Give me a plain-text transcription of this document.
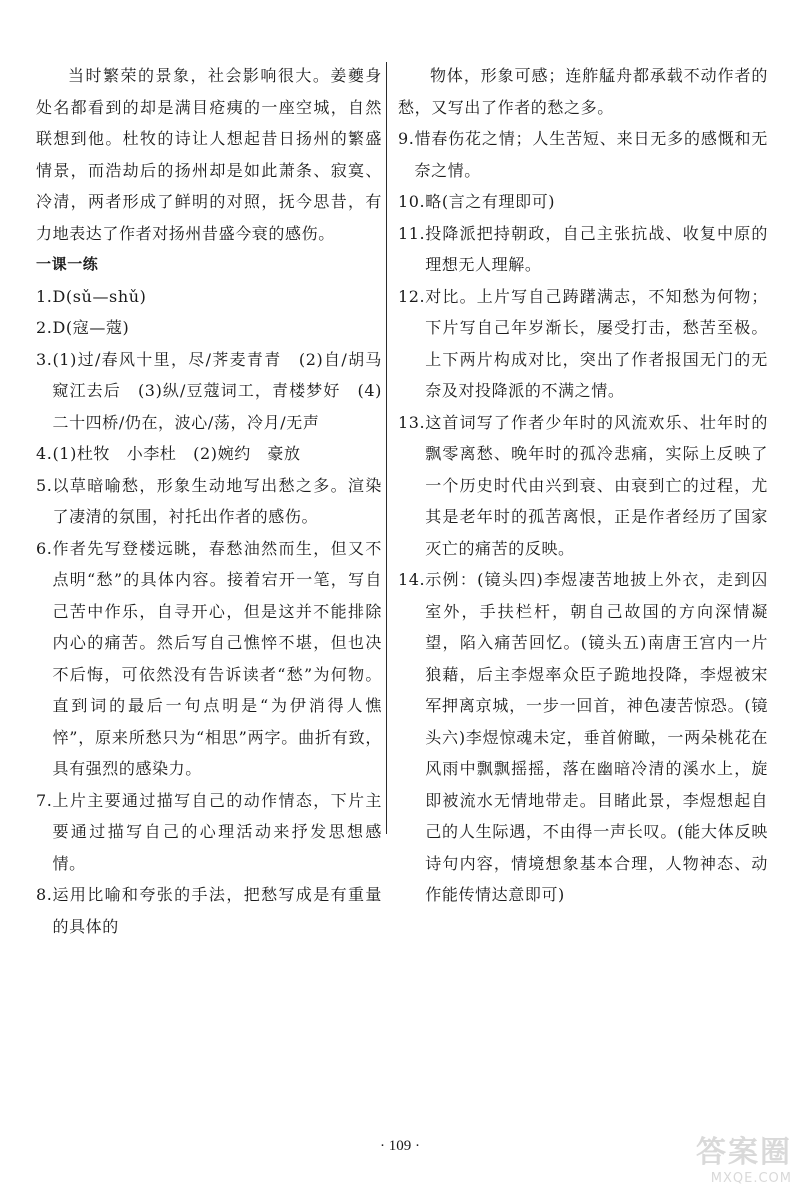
当时繁荣的景象，社会影响很大。姜夔身处名都看到的却是满目疮痍的一座空城，自然联想到他。杜牧的诗让人想起昔日扬州的繁盛情景，而浩劫后的扬州却是如此萧条、寂寞、冷清，两者形成了鲜明的对照，抚今思昔，有力地表达了作者对扬州昔盛今衰的感伤。
一课一练
1. D(sǔ—shǔ)
2. D(寇—蔻)
3. (1)过/春风十里，尽/荠麦青青　(2)自/胡马窥江去后　(3)纵/豆蔻词工，青楼梦好　(4)二十四桥/仍在，波心/荡，冷月/无声
4. (1)杜牧　小李杜　(2)婉约　豪放
5. 以草暗喻愁，形象生动地写出愁之多。渲染了凄清的氛围，衬托出作者的感伤。
6. 作者先写登楼远眺，春愁油然而生，但又不点明“愁”的具体内容。接着宕开一笔，写自己苦中作乐，自寻开心，但是这并不能排除内心的痛苦。然后写自己憔悴不堪，但也决不后悔，可依然没有告诉读者“愁”为何物。直到词的最后一句点明是“为伊消得人憔悴”，原来所愁只为“相思”两字。曲折有致，具有强烈的感染力。
7. 上片主要通过描写自己的动作情态，下片主要通过描写自己的心理活动来抒发思想感情。
8. 运用比喻和夸张的手法，把愁写成是有重量的具体的
物体，形象可感；连舴艋舟都承载不动作者的愁，又写出了作者的愁之多。
9. 惜春伤花之情；人生苦短、来日无多的感慨和无奈之情。
10. 略(言之有理即可)
11. 投降派把持朝政，自己主张抗战、收复中原的理想无人理解。
12. 对比。上片写自己踌躇满志，不知愁为何物；下片写自己年岁渐长，屡受打击，愁苦至极。上下两片构成对比，突出了作者报国无门的无奈及对投降派的不满之情。
13. 这首词写了作者少年时的风流欢乐、壮年时的飘零离愁、晚年时的孤冷悲痛，实际上反映了一个历史时代由兴到衰、由衰到亡的过程，尤其是老年时的孤苦离恨，正是作者经历了国家灭亡的痛苦的反映。
14. 示例：(镜头四)李煜凄苦地披上外衣，走到囚室外，手扶栏杆，朝自己故国的方向深情凝望，陷入痛苦回忆。(镜头五)南唐王宫内一片狼藉，后主李煜率众臣子跪地投降，李煜被宋军押离京城，一步一回首，神色凄苦惊恐。(镜头六)李煜惊魂未定，垂首俯瞰，一两朵桃花在风雨中飘飘摇摇，落在幽暗冷清的溪水上，旋即被流水无情地带走。目睹此景，李煜想起自己的人生际遇，不由得一声长叹。(能大体反映诗句内容，情境想象基本合理，人物神态、动作能传情达意即可)
· 109 ·	答案圈
MXQE.COM
